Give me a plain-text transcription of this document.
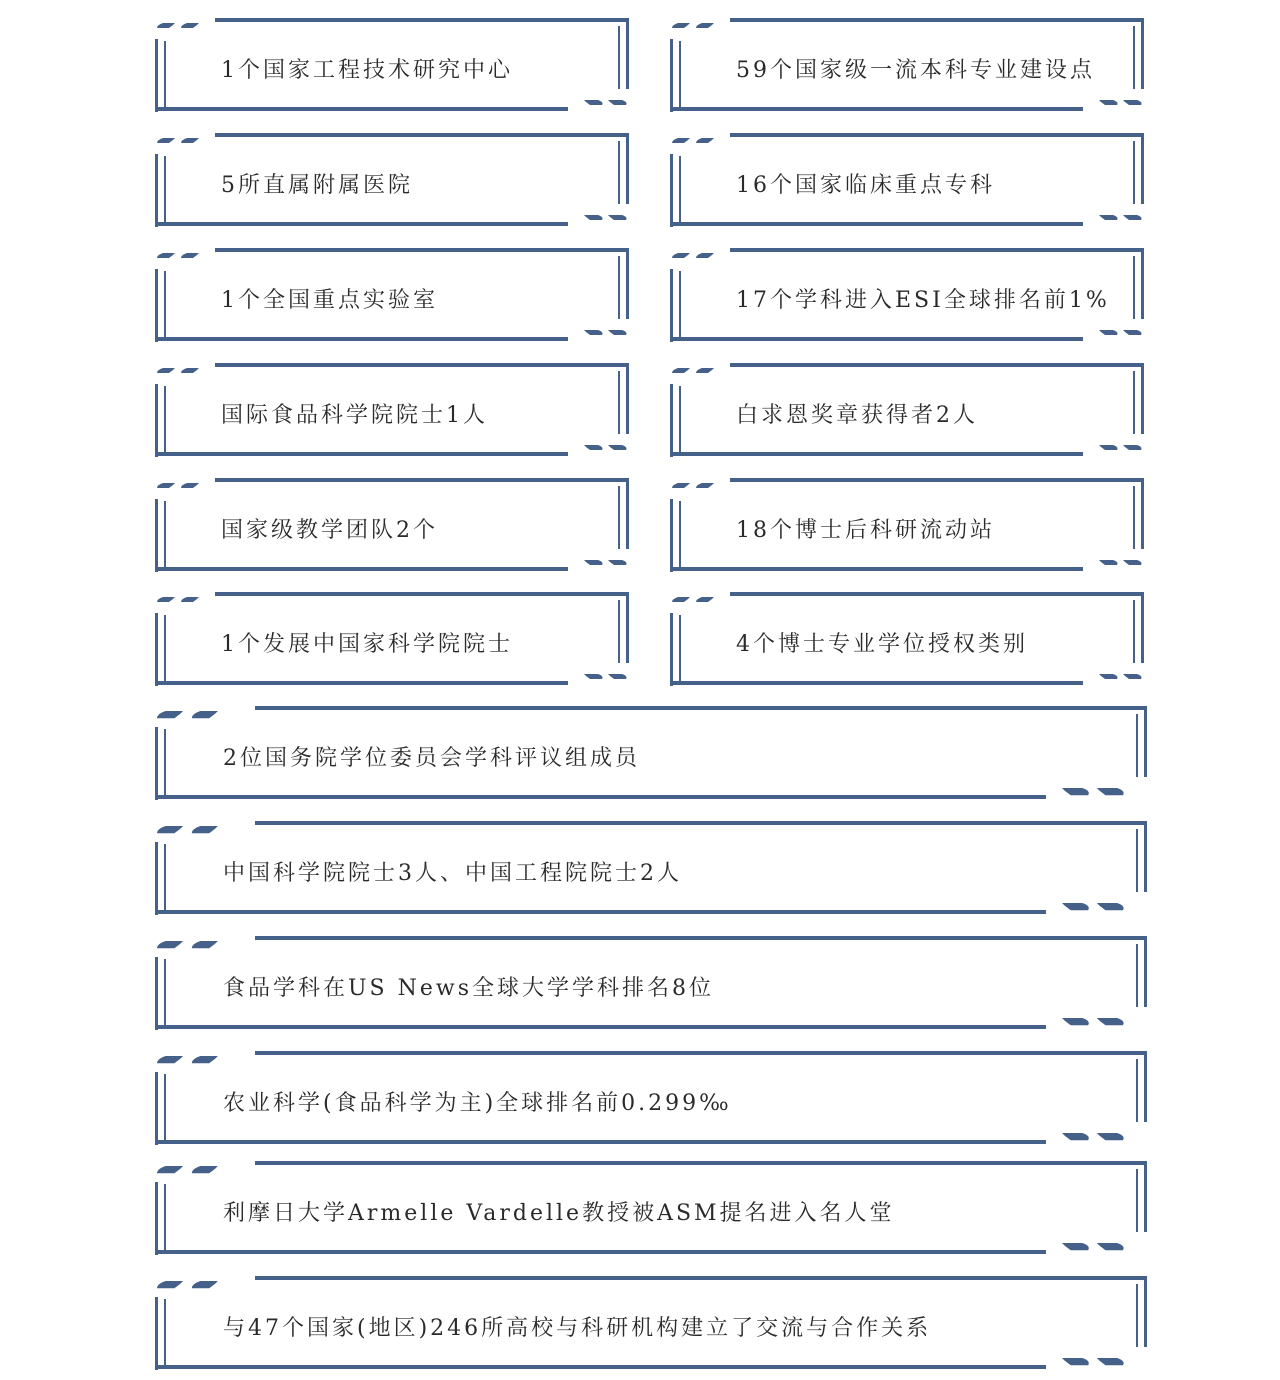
1个国家工程技术研究中心	59个国家级一流本科专业建设点
5所直属附属医院	16个国家临床重点专科
1个全国重点实验室	17个学科进入ESI全球排名前1%
国际食品科学院院士1人	白求恩奖章获得者2人
国家级教学团队2个	18个博士后科研流动站
1个发展中国家科学院院士	4个博士专业学位授权类别
2位国务院学位委员会学科评议组成员
中国科学院院士3人、中国工程院院士2人
食品学科在US News全球大学学科排名8位
农业科学(食品科学为主)全球排名前0.299‰
利摩日大学Armelle Vardelle教授被ASM提名进入名人堂
与47个国家(地区)246所高校与科研机构建立了交流与合作关系
